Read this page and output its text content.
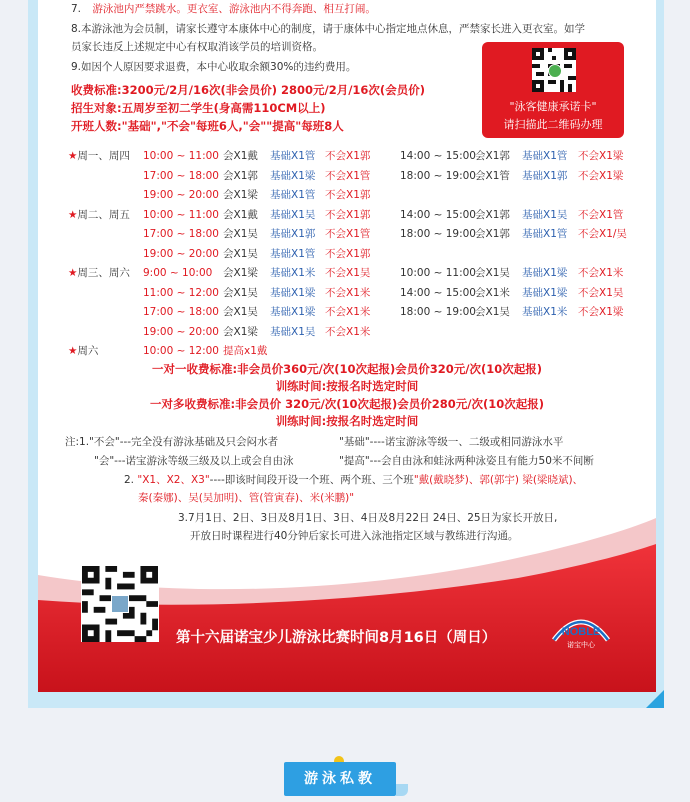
7. 游泳池内严禁跳水。更衣室、游泳池内不得奔跑、相互打闹。
8.本游泳池为会员制，请家长遵守本康体中心的制度，请于康体中心指定地点休息，严禁家长进入更衣室。如学
员家长违反上述规定中心有权取消该学员的培训资格。
9.如因个人原因要求退费，本中心收取余额30%的违约费用。
收费标准:3200元/2月/16次(非会员价) 2800元/2月/16次(会员价)
招生对象:五周岁至初二学生(身高需110CM以上)
开班人数:"基础","不会"每班6人,"会""提高"每班8人
"泳客健康承诺卡"
请扫描此二维码办理
★周一、周四 10:00 ~ 11:00 会X1戴 基础X1管 不会X1郭	14:00 ~ 15:00 会X1郭 基础X1管 不会X1梁
17:00 ~ 18:00 会X1郭 基础X1梁 不会X1管	18:00 ~ 19:00 会X1管 基础X1郭 不会X1梁
19:00 ~ 20:00 会X1梁 基础X1管 不会X1郭
★周二、周五 10:00 ~ 11:00 会X1戴 基础X1吴 不会X1郭	14:00 ~ 15:00 会X1郭 基础X1吴 不会X1管
17:00 ~ 18:00 会X1吴 基础X1郭 不会X1管	18:00 ~ 19:00 会X1郭 基础X1管 不会X1/吴
19:00 ~ 20:00 会X1吴 基础X1管 不会X1郭
★周三、周六 9:00 ~ 10:00 会X1梁 基础X1米 不会X1吴	10:00 ~ 11:00 会X1吴 基础X1梁 不会X1米
11:00 ~ 12:00 会X1吴 基础X1梁 不会X1米	14:00 ~ 15:00 会X1米 基础X1梁 不会X1吴
17:00 ~ 18:00 会X1吴 基础X1梁 不会X1米	18:00 ~ 19:00 会X1吴 基础X1米 不会X1梁
19:00 ~ 20:00 会X1梁 基础X1吴 不会X1米
★周六	10:00 ~ 12:00 提高x1戴
一对一收费标准:非会员价360元/次(10次起报)会员价320元/次(10次起报)
训练时间:按报名时选定时间
一对多收费标准:非会员价 320元/次(10次起报)会员价280元/次(10次起报)
训练时间:按报名时选定时间
注:1."不会"---完全没有游泳基础及只会闷水者	"基础"----诺宝游泳等级一、二级或相同游泳水平
"会"---诺宝游泳等级三级及以上或会自由泳	"提高"---会自由泳和蛙泳两种泳姿且有能力50米不间断
2. "X1、X2、X3"----即该时间段开设一个班、两个班、三个班"戴(戴晓梦)、郭(郭宇) 梁(梁晓斌)、
秦(秦娜)、吴(吴加明)、管(管寅春)、米(米鹏)"
3.7月1日、2日、3日及8月1日、3日、4日及8月22日 24日、25日为家长开放日,
开放日时课程进行40分钟后家长可进入泳池指定区域与教练进行沟通。
第十六届诺宝少儿游泳比赛时间8月16日（周日）	NOBLE
诺宝中心
游泳私教
